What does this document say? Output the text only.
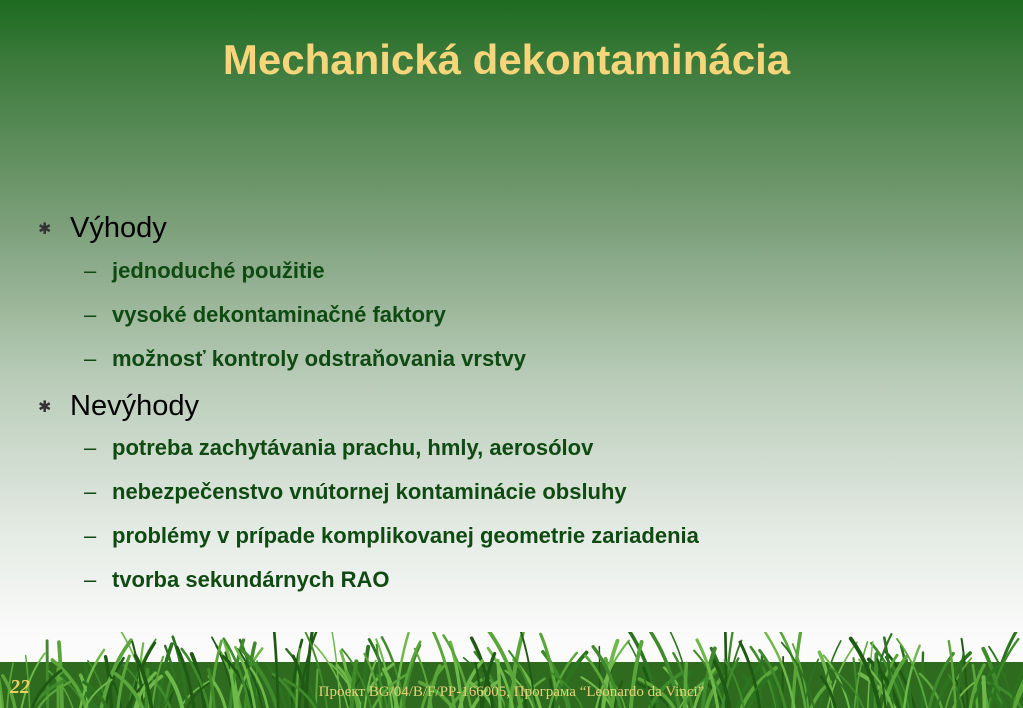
Mechanická dekontaminácia
✱ Výhody
– jednoduché použitie
– vysoké dekontaminačné faktory
– možnosť kontroly odstraňovania vrstvy
✱ Nevýhody
– potreba zachytávania prachu, hmly, aerosólov
– nebezpečenstvo vnútornej kontaminácie obsluhy
– problémy v prípade komplikovanej geometrie zariadenia
– tvorba sekundárnych RAO
22	Проект BG/04/B/F/PP-166005, Програма “Leonardo da Vinci”
